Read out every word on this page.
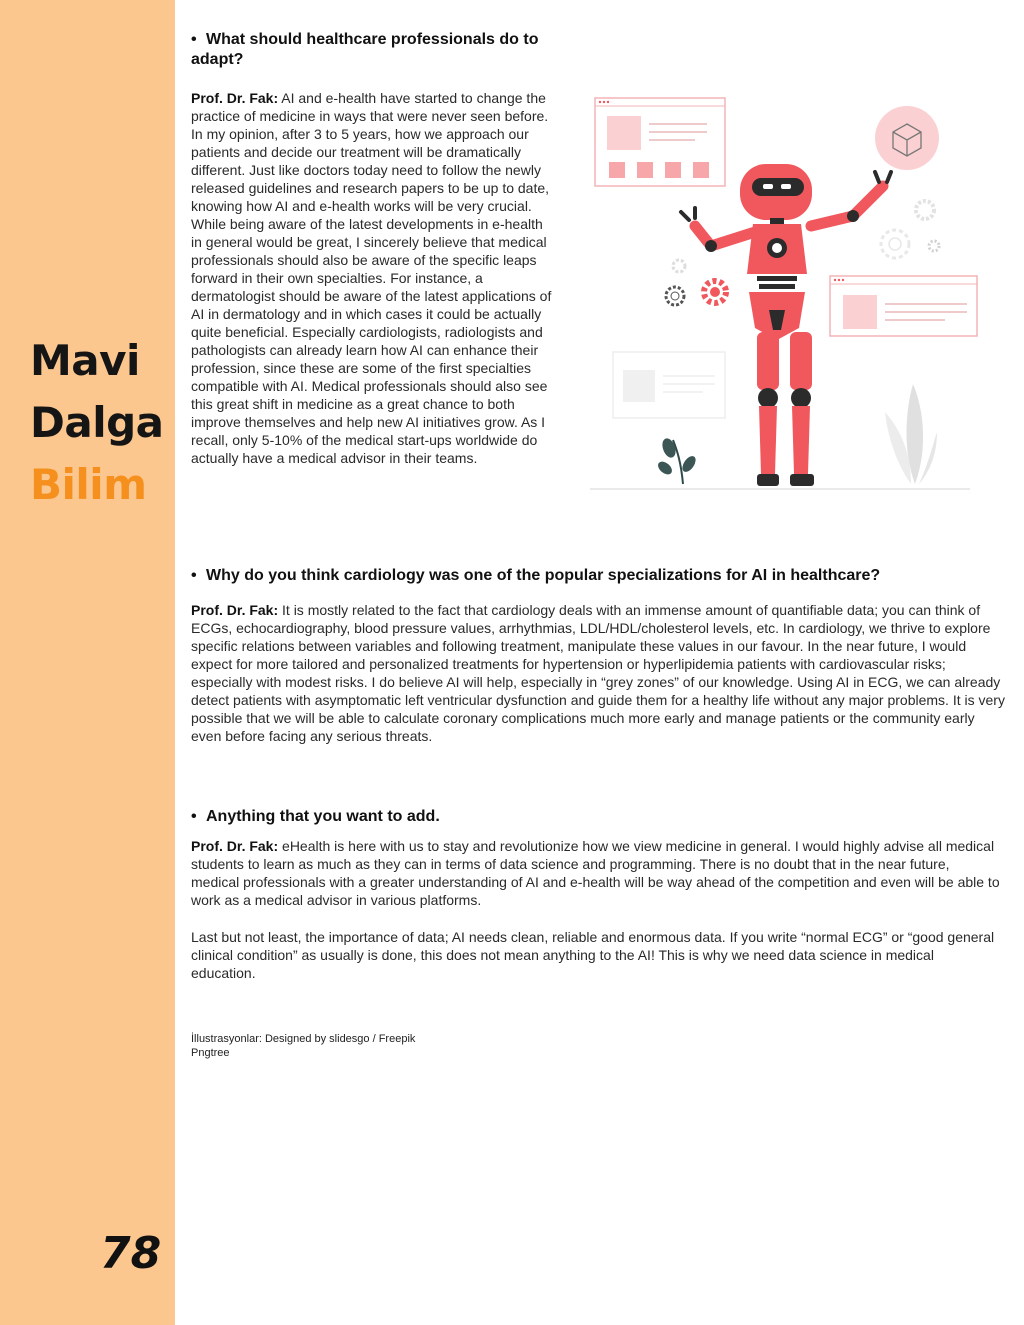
Mavi
Dalga
Bilim
78
• What should healthcare professionals do to adapt?

Prof. Dr. Fak: AI and e-health have started to change the practice of medicine in ways that were never seen before. In my opinion, after 3 to 5 years, how we approach our patients and decide our treatment will be dramatically different. Just like doctors today need to follow the newly released guidelines and research papers to be up to date, knowing how AI and e-health works will be very crucial. While being aware of the latest developments in e-health in general would be great, I sincerely believe that medical professionals should also be aware of the specific leaps forward in their own specialties. For instance, a dermatologist should be aware of the latest applications of AI in dermatology and in which cases it could be actually quite beneficial. Especially cardiologists, radiologists and pathologists can already learn how AI can enhance their profession, since these are some of the first specialties compatible with AI. Medical professionals should also see this great shift in medicine as a great chance to both improve themselves and help new AI initiatives grow. As I recall, only 5-10% of the medical start-ups worldwide do actually have a medical advisor in their teams.

• Why do you think cardiology was one of the popular specializations for AI in healthcare?

Prof. Dr. Fak: It is mostly related to the fact that cardiology deals with an immense amount of quantifiable data; you can think of ECGs, echocardiography, blood pressure values, arrhythmias, LDL/HDL/cholesterol levels, etc. In cardiology, we thrive to explore specific relations between variables and following treatment, manipulate these values in our favour. In the near future, I would expect for more tailored and personalized treatments for hypertension or hyperlipidemia patients with cardiovascular risks; especially with modest risks. I do believe AI will help, especially in “grey zones” of our knowledge. Using AI in ECG, we can already detect patients with asymptomatic left ventricular dysfunction and guide them for a healthy life without any major problems. It is very possible that we will be able to calculate coronary complications much more early and manage patients or the community early even before facing any serious threats.

• Anything that you want to add.

Prof. Dr. Fak: eHealth is here with us to stay and revolutionize how we view medicine in general. I would highly advise all medical students to learn as much as they can in terms of data science and programming. There is no doubt that in the near future, medical professionals with a greater understanding of AI and e-health will be way ahead of the competition and even will be able to work as a medical advisor in various platforms.

Last but not least, the importance of data; AI needs clean, reliable and enormous data. If you write “normal ECG” or “good general clinical condition” as usually is done, this does not mean anything to the AI! This is why we need data science in medical education.

İllustrasyonlar: Designed by slidesgo / Freepik
Pngtree
